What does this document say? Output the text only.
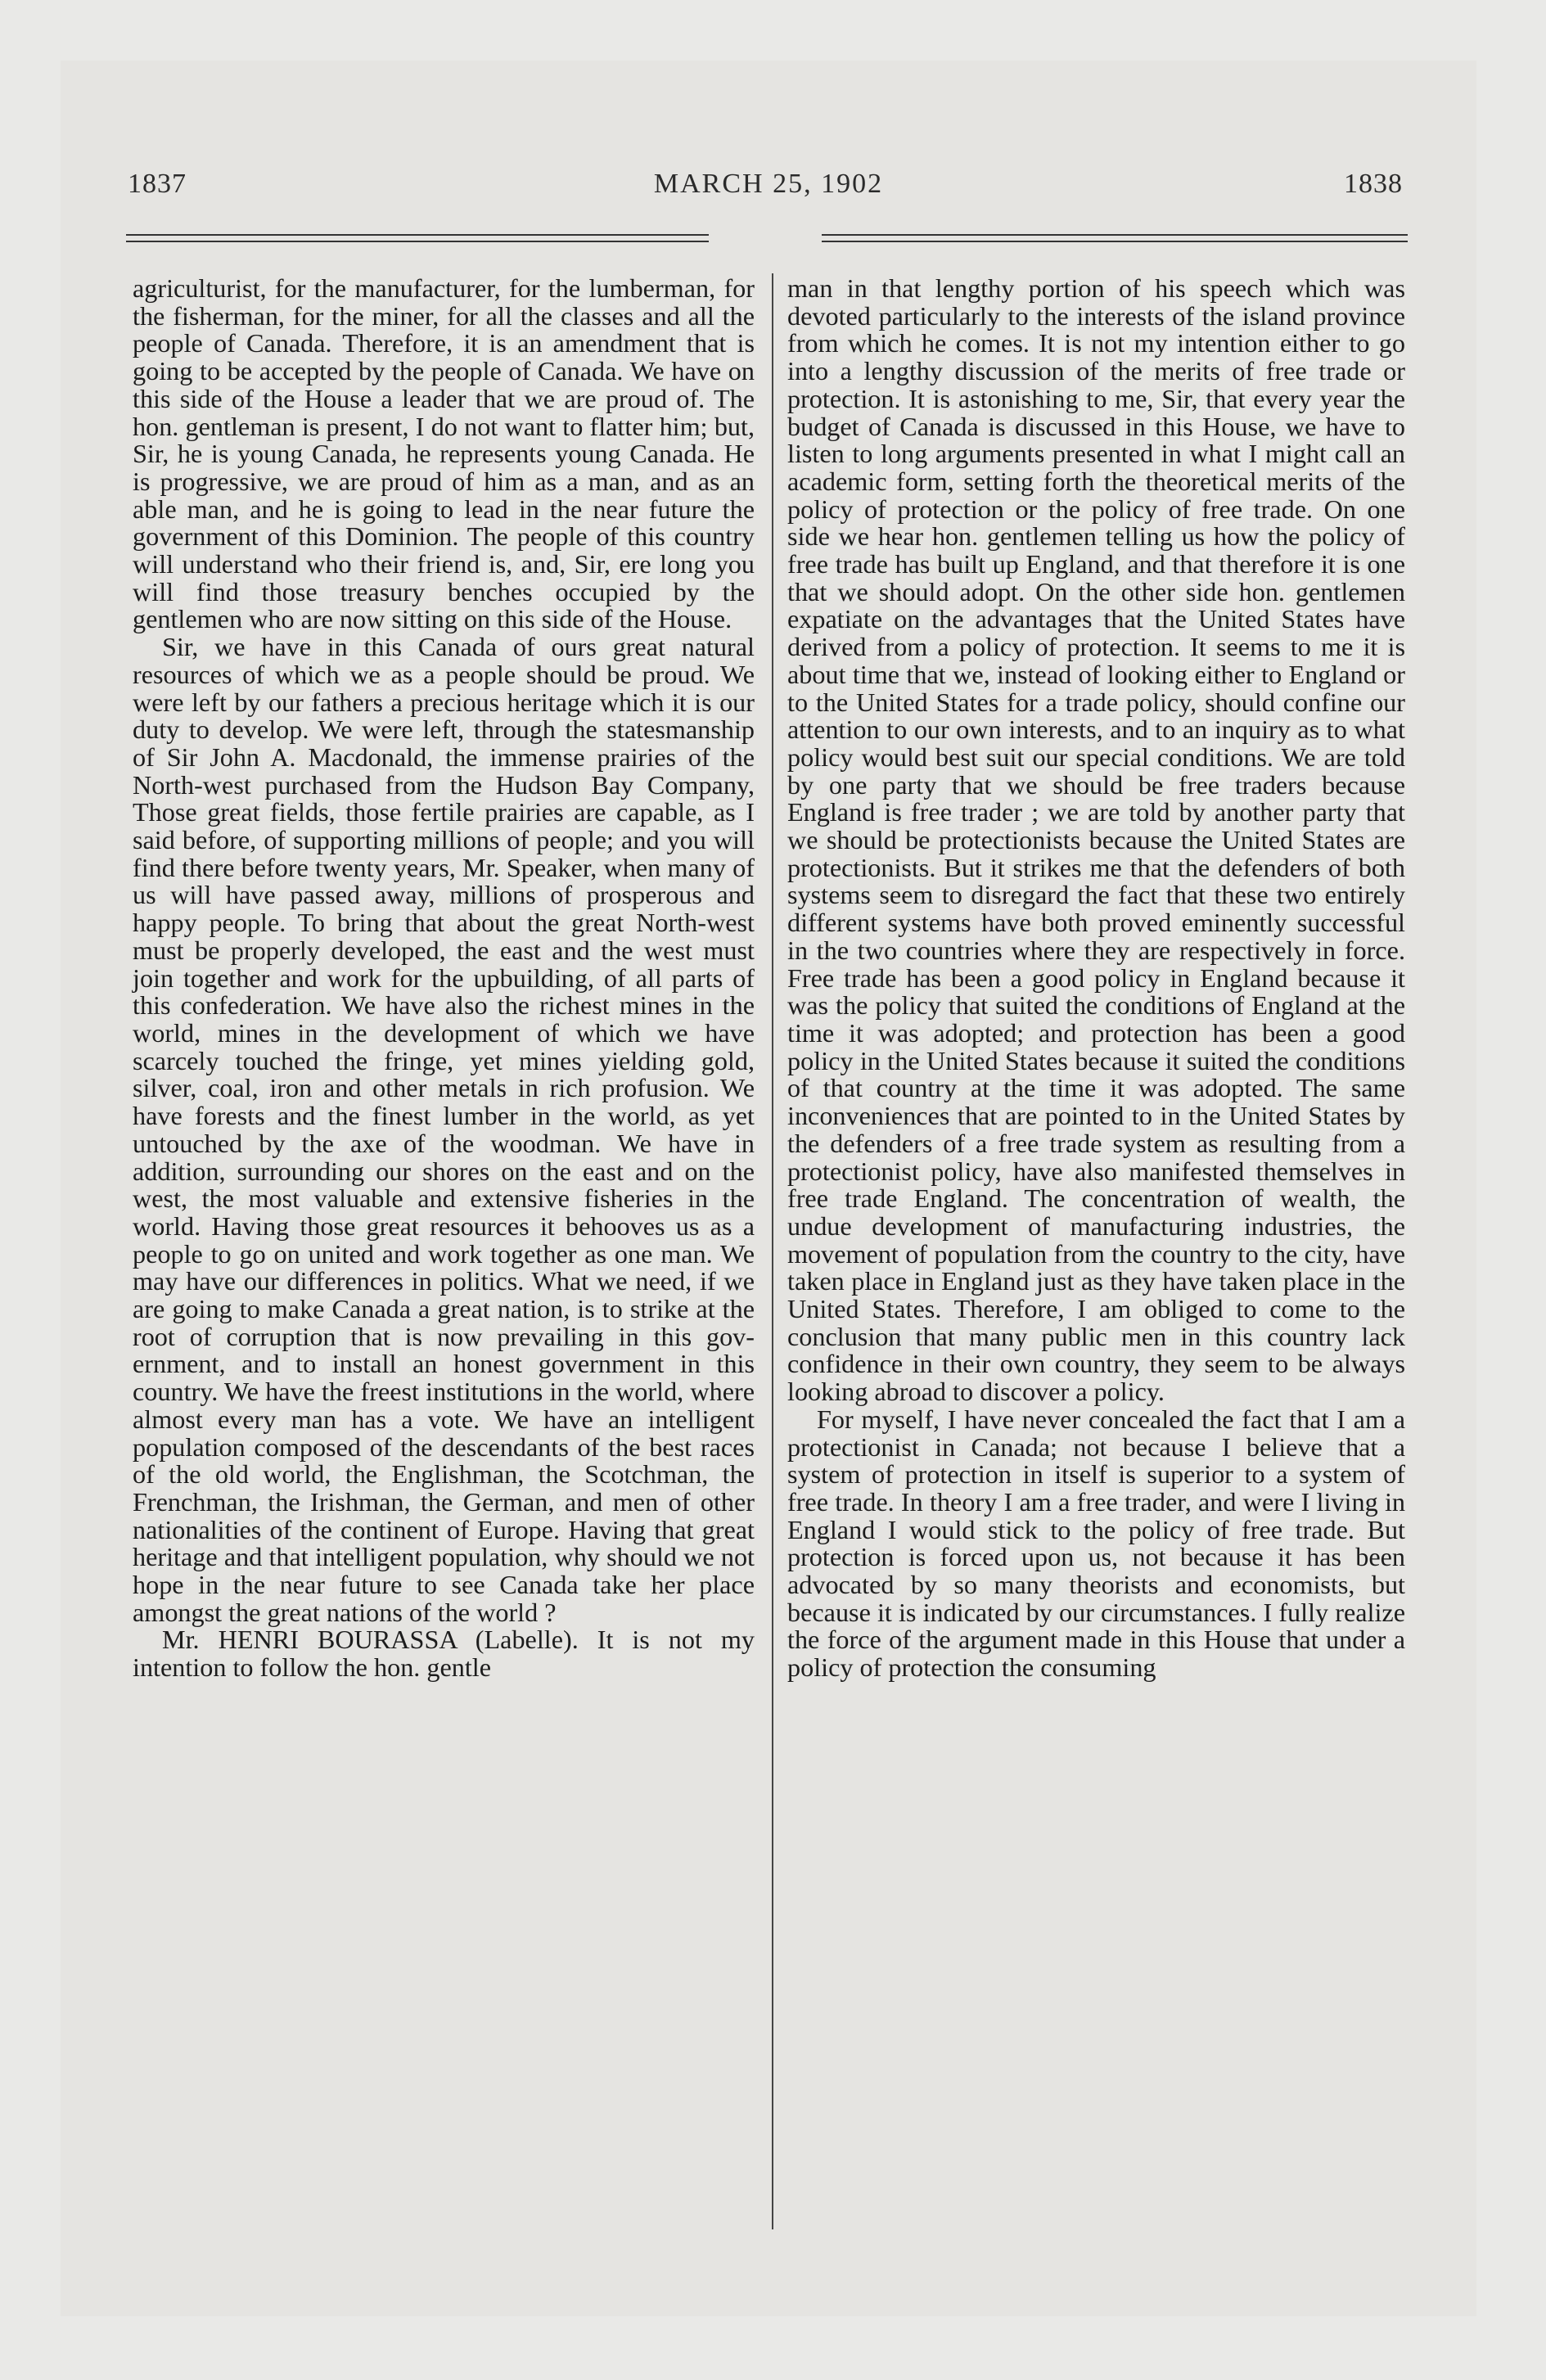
1837	MARCH 25, 1902	1838

agriculturist, for the manufacturer, for the lumberman, for the fisherman, for the miner, for all the classes and all the people of Canada. Therefore, it is an amendment that is going to be accepted by the people of Canada. We have on this side of the House a leader that we are proud of. The hon. gentleman is present, I do not want to flatter him; but, Sir, he is young Canada, he represents young Canada. He is progressive, we are proud of him as a man, and as an able man, and he is going to lead in the near future the government of this Dominion. The people of this country will understand who their friend is, and, Sir, ere long you will find those treasury benches occupied by the gentlemen who are now sitting on this side of the House.

Sir, we have in this Canada of ours great natural resources of which we as a people should be proud. We were left by our fathers a precious heritage which it is our duty to develop. We were left, through the statesmanship of Sir John A. Macdonald, the immense prairies of the North-west purchased from the Hudson Bay Company, Those great fields, those fertile prairies are capable, as I said before, of supporting millions of people; and you will find there before twenty years, Mr. Speaker, when many of us will have passed away, millions of prosperous and happy people. To bring that about the great North-west must be properly developed, the east and the west must join together and work for the upbuilding, of all parts of this confederation. We have also the richest mines in the world, mines in the development of which we have scarcely touched the fringe, yet mines yielding gold, silver, coal, iron and other metals in rich profusion. We have forests and the finest lumber in the world, as yet untouched by the axe of the woodman. We have in addition, surrounding our shores on the east and on the west, the most valuable and extensive fisheries in the world. Having those great resources it behooves us as a people to go on united and work together as one man. We may have our differences in politics. What we need, if we are going to make Canada a great nation, is to strike at the root of corruption that is now prevailing in this government, and to install an honest government in this country. We have the freest institutions in the world, where almost every man has a vote. We have an intelligent population composed of the descendants of the best races of the old world, the Englishman, the Scotchman, the Frenchman, the Irishman, the German, and men of other nationalities of the continent of Europe. Having that great heritage and that intelligent population, why should we not hope in the near future to see Canada take her place amongst the great nations of the world ?

Mr. HENRI BOURASSA (Labelle). It is not my intention to follow the hon. gentle

man in that lengthy portion of his speech which was devoted particularly to the interests of the island province from which he comes. It is not my intention either to go into a lengthy discussion of the merits of free trade or protection. It is astonishing to me, Sir, that every year the budget of Canada is discussed in this House, we have to listen to long arguments presented in what I might call an academic form, setting forth the theoretical merits of the policy of protection or the policy of free trade. On one side we hear hon. gentlemen telling us how the policy of free trade has built up England, and that therefore it is one that we should adopt. On the other side hon. gentlemen expatiate on the advantages that the United States have derived from a policy of protection. It seems to me it is about time that we, instead of looking either to England or to the United States for a trade policy, should confine our attention to our own interests, and to an inquiry as to what policy would best suit our special conditions. We are told by one party that we should be free traders because England is free trader ; we are told by another party that we should be protectionists because the United States are protectionists. But it strikes me that the defenders of both systems seem to disregard the fact that these two entirely different systems have both proved eminently successful in the two countries where they are respectively in force. Free trade has been a good policy in England because it was the policy that suited the conditions of England at the time it was adopted; and protection has been a good policy in the United States because it suited the conditions of that country at the time it was adopted. The same inconveniences that are pointed to in the United States by the defenders of a free trade system as resulting from a protectionist policy, have also manifested themselves in free trade England. The concentration of wealth, the undue development of manufacturing industries, the movement of population from the country to the city, have taken place in England just as they have taken place in the United States. Therefore, I am obliged to come to the conclusion that many public men in this country lack confidence in their own country, they seem to be always looking abroad to discover a policy.

For myself, I have never concealed the fact that I am a protectionist in Canada; not because I believe that a system of protection in itself is superior to a system of free trade. In theory I am a free trader, and were I living in England I would stick to the policy of free trade. But protection is forced upon us, not because it has been advocated by so many theorists and economists, but because it is indicated by our circumstances. I fully realize the force of the argument made in this House that under a policy of protection the consuming
